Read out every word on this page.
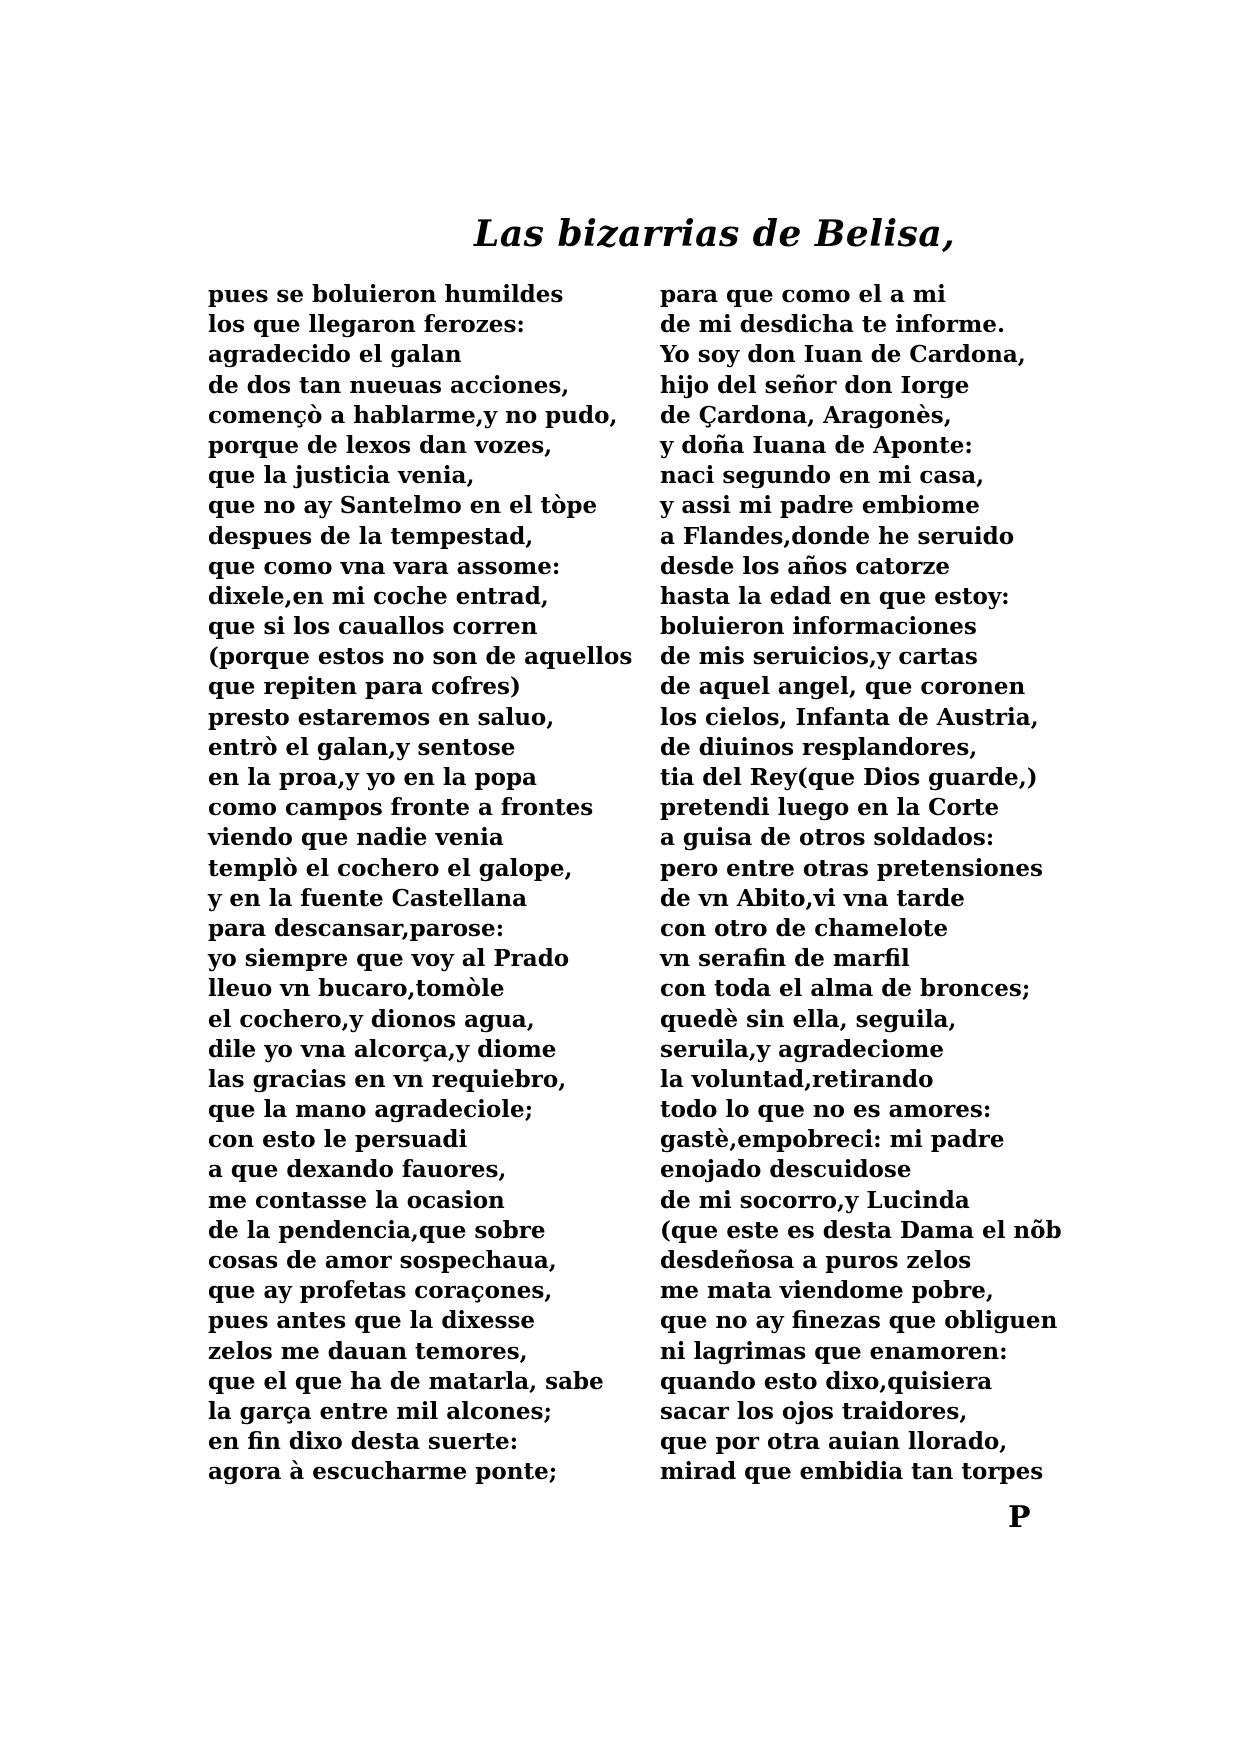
Las bizarrias de Belisa,
pues se boluieron humildes
los que llegaron ferozes:
agradecido el galan
de dos tan nueuas acciones,
començò a hablarme,y no pudo,
porque de lexos dan vozes,
que la justicia venia,
que no ay Santelmo en el tòpe
despues de la tempestad,
que como vna vara assome:
dixele,en mi coche entrad,
que si los cauallos corren
(porque estos no son de aquellos
que repiten para cofres)
presto estaremos en saluo,
entrò el galan,y sentose
en la proa,y yo en la popa
como campos fronte a frontes
viendo que nadie venia
templò el cochero el galope,
y en la fuente Castellana
para descansar,parose:
yo siempre que voy al Prado
lleuo vn bucaro,tomòle
el cochero,y dionos agua,
dile yo vna alcorça,y diome
las gracias en vn requiebro,
que la mano agradeciole;
con esto le persuadi
a que dexando fauores,
me contasse la ocasion
de la pendencia,que sobre
cosas de amor sospechaua,
que ay profetas coraçones,
pues antes que la dixesse
zelos me dauan temores,
que el que ha de matarla, sabe
la garça entre mil alcones;
en fin dixo desta suerte:
agora à escucharme ponte;
para que como el a mi
de mi desdicha te informe.
Yo soy don Iuan de Cardona,
hijo del señor don Iorge
de Çardona, Aragonès,
y doña Iuana de Aponte:
naci segundo en mi casa,
y assi mi padre embiome
a Flandes,donde he seruido
desde los años catorze
hasta la edad en que estoy:
boluieron informaciones
de mis seruicios,y cartas
de aquel angel, que coronen
los cielos, Infanta de Austria,
de diuinos resplandores,
tia del Rey(que Dios guarde,)
pretendi luego en la Corte
a guisa de otros soldados:
pero entre otras pretensiones
de vn Abito,vi vna tarde
con otro de chamelote
vn serafin de marfil
con toda el alma de bronces;
quedè sin ella, seguila,
seruila,y agradeciome
la voluntad,retirando
todo lo que no es amores:
gastè,empobreci: mi padre
enojado descuidose
de mi socorro,y Lucinda
(que este es desta Dama el nõb
desdeñosa a puros zelos
me mata viendome pobre,
que no ay finezas que obliguen
ni lagrimas que enamoren:
quando esto dixo,quisiera
sacar los ojos traidores,
que por otra auian llorado,
mirad que embidia tan torpes
P
